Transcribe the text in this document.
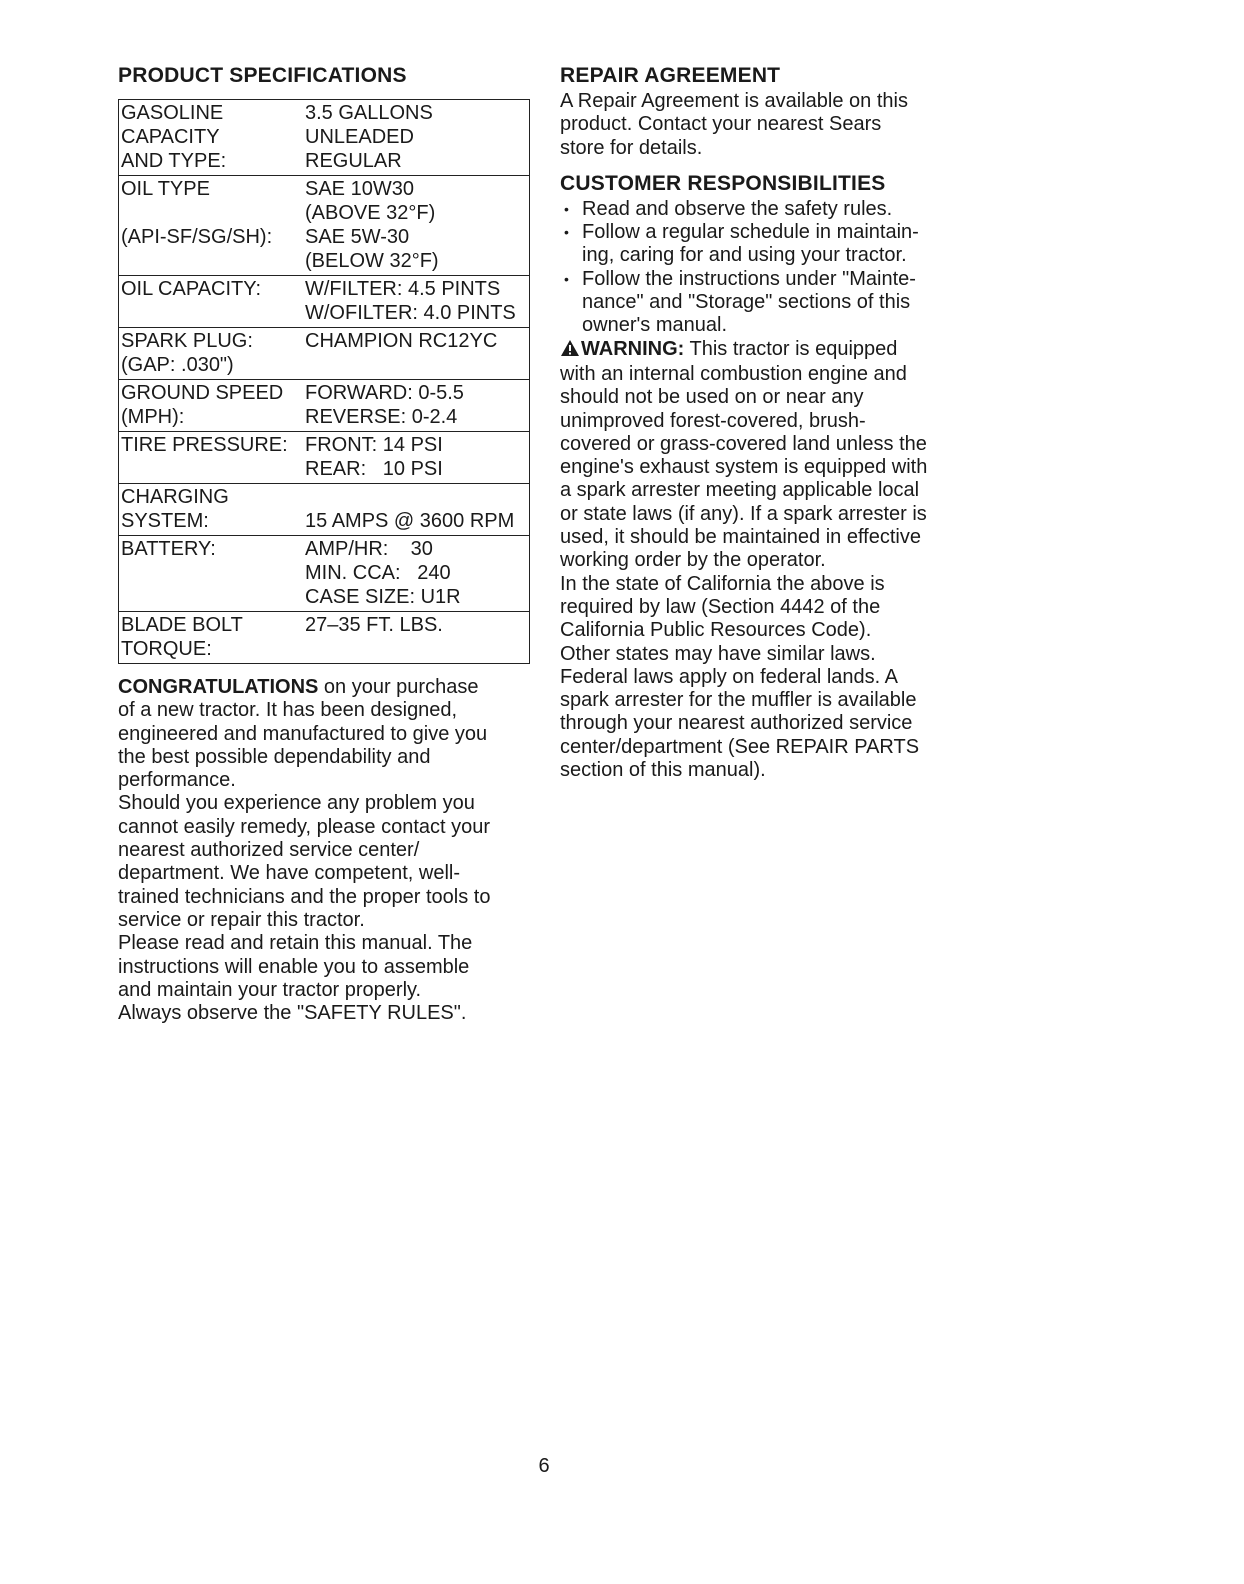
PRODUCT SPECIFICATIONS
GASOLINE
CAPACITY
AND TYPE:	3.5 GALLONS
UNLEADED
REGULAR

OIL TYPE

(API-SF/SG/SH):	SAE 10W30
(ABOVE 32°F)
SAE 5W-30
(BELOW 32°F)

OIL CAPACITY:	W/FILTER: 4.5 PINTS
W/OFILTER: 4.0 PINTS

SPARK PLUG:
(GAP: .030")	CHAMPION RC12YC

GROUND SPEED
(MPH):	FORWARD: 0-5.5
REVERSE: 0-2.4

TIRE PRESSURE:	FRONT: 14 PSI
REAR:   10 PSI

CHARGING
SYSTEM:	15 AMPS @ 3600 RPM

BATTERY:	AMP/HR:    30
MIN. CCA:   240
CASE SIZE: U1R

BLADE BOLT
TORQUE:	27–35 FT. LBS.

CONGRATULATIONS on your purchase
of a new tractor. It has been designed,
engineered and manufactured to give you
the best possible dependability and
performance.
Should you experience any problem you
cannot easily remedy, please contact your
nearest authorized service center/
department. We have competent, well-
trained technicians and the proper tools to
service or repair this tractor.
Please read and retain this manual. The
instructions will enable you to assemble
and maintain your tractor properly.
Always observe the "SAFETY RULES".

REPAIR AGREEMENT

A Repair Agreement is available on this
product. Contact your nearest Sears
store for details.

CUSTOMER RESPONSIBILITIES
• Read and observe the safety rules.
• Follow a regular schedule in maintain-
ing, caring for and using your tractor.
• Follow the instructions under "Mainte-
nance" and "Storage" sections of this
owner's manual.

WARNING: This tractor is equipped
with an internal combustion engine and
should not be used on or near any
unimproved forest-covered, brush-
covered or grass-covered land unless the
engine's exhaust system is equipped with
a spark arrester meeting applicable local
or state laws (if any). If a spark arrester is
used, it should be maintained in effective
working order by the operator.
In the state of California the above is
required by law (Section 4442 of the
California Public Resources Code).
Other states may have similar laws.
Federal laws apply on federal lands. A
spark arrester for the muffler is available
through your nearest authorized service
center/department (See REPAIR PARTS
section of this manual).

6
